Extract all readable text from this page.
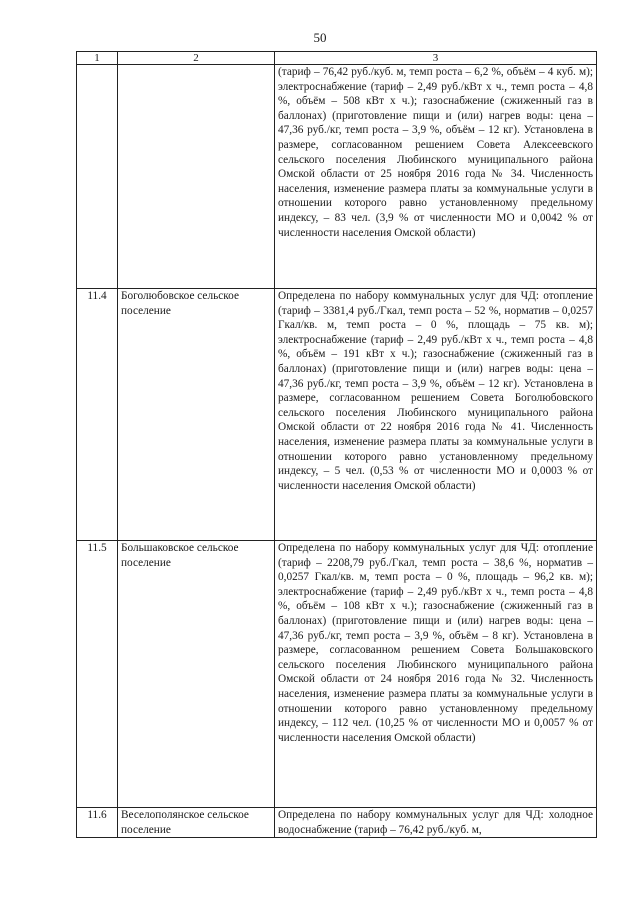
50
1	2	3
		(тариф – 76,42 руб./куб. м, темп роста – 6,2 %, объём – 4 куб. м); электроснабжение (тариф – 2,49 руб./кВт х ч., темп роста – 4,8 %, объём – 508 кВт х ч.); газоснабжение (сжиженный газ в баллонах) (приготовление пищи и (или) нагрев воды: цена – 47,36 руб./кг, темп роста – 3,9 %, объём – 12 кг). Установлена в размере, согласованном решением Совета Алексеевского сельского поселения Любинского муниципального района Омской области от 25 ноября 2016 года № 34. Численность населения, изменение размера платы за коммунальные услуги в отношении которого равно установленному предельному индексу, – 83 чел. (3,9 % от численности МО и 0,0042 % от численности населения Омской области)
11.4	Боголюбовское сельское поселение	Определена по набору коммунальных услуг для ЧД: отопление (тариф – 3381,4 руб./Гкал, темп роста – 52 %, норматив – 0,0257 Гкал/кв. м, темп роста – 0 %, площадь – 75 кв. м); электроснабжение (тариф – 2,49 руб./кВт х ч., темп роста – 4,8 %, объём – 191 кВт х ч.); газоснабжение (сжиженный газ в баллонах) (приготовление пищи и (или) нагрев воды: цена – 47,36 руб./кг, темп роста – 3,9 %, объём – 12 кг). Установлена в размере, согласованном решением Совета Боголюбовского сельского поселения Любинского муниципального района Омской области от 22 ноября 2016 года № 41. Численность населения, изменение размера платы за коммунальные услуги в отношении которого равно установленному предельному индексу, – 5 чел. (0,53 % от численности МО и 0,0003 % от численности населения Омской области)
11.5	Большаковское сельское поселение	Определена по набору коммунальных услуг для ЧД: отопление (тариф – 2208,79 руб./Гкал, темп роста – 38,6 %, норматив – 0,0257 Гкал/кв. м, темп роста – 0 %, площадь – 96,2 кв. м); электроснабжение (тариф – 2,49 руб./кВт х ч., темп роста – 4,8 %, объём – 108 кВт х ч.); газоснабжение (сжиженный газ в баллонах) (приготовление пищи и (или) нагрев воды: цена – 47,36 руб./кг, темп роста – 3,9 %, объём – 8 кг). Установлена в размере, согласованном решением Совета Большаковского сельского поселения Любинского муниципального района Омской области от 24 ноября 2016 года № 32. Численность населения, изменение размера платы за коммунальные услуги в отношении которого равно установленному предельному индексу, – 112 чел. (10,25 % от численности МО и 0,0057 % от численности населения Омской области)
11.6	Веселополянское сельское поселение	Определена по набору коммунальных услуг для ЧД: холодное водоснабжение (тариф – 76,42 руб./куб. м,
